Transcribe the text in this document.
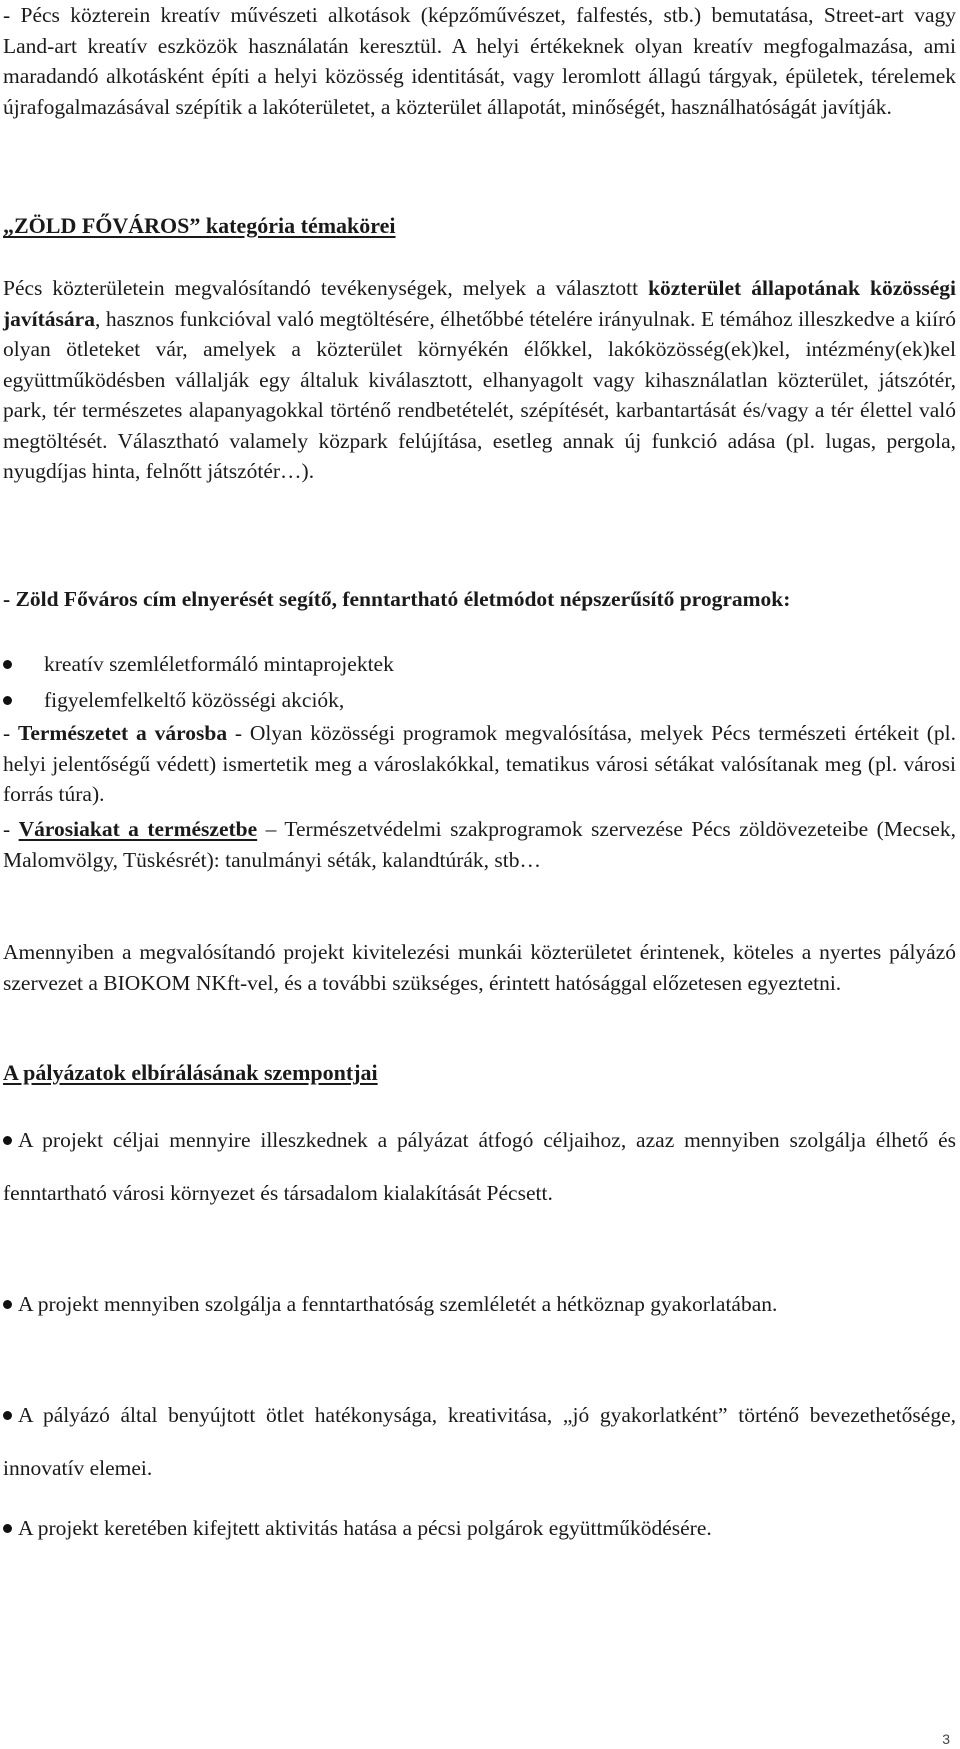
- Pécs közterein kreatív művészeti alkotások (képzőművészet, falfestés, stb.) bemutatása, Street-art vagy Land-art kreatív eszközök használatán keresztül. A helyi értékeknek olyan kreatív megfogalmazása, ami maradandó alkotásként építi a helyi közösség identitását, vagy leromlott állagú tárgyak, épületek, térelemek újrafogalmazásával szépítik a lakóterületet, a közterület állapotát, minőségét, használhatóságát javítják.

„ZÖLD FŐVÁROS” kategória témakörei

Pécs közterületein megvalósítandó tevékenységek, melyek a választott közterület állapotának közösségi javítására, hasznos funkcióval való megtöltésére, élhetőbbé tételére irányulnak. E témához illeszkedve a kiíró olyan ötleteket vár, amelyek a közterület környékén élőkkel, lakóközösség(ek)kel, intézmény(ek)kel együttműködésben vállalják egy általuk kiválasztott, elhanyagolt vagy kihasználatlan közterület, játszótér, park, tér természetes alapanyagokkal történő rendbetételét, szépítését, karbantartását és/vagy a tér élettel való megtöltését. Választható valamely közpark felújítása, esetleg annak új funkció adása (pl. lugas, pergola, nyugdíjas hinta, felnőtt játszótér…).

- Zöld Főváros cím elnyerését segítő, fenntartható életmódot népszerűsítő programok:

kreatív szemléletformáló mintaprojektek

figyelemfelkeltő közösségi akciók,

- Természetet a városba - Olyan közösségi programok megvalósítása, melyek Pécs természeti értékeit (pl. helyi jelentőségű védett) ismertetik meg a városlakókkal, tematikus városi sétákat valósítanak meg (pl. városi forrás túra).

- Városiakat a természetbe – Természetvédelmi szakprogramok szervezése Pécs zöldövezeteibe (Mecsek, Malomvölgy, Tüskésrét): tanulmányi séták, kalandtúrák, stb…

Amennyiben a megvalósítandó projekt kivitelezési munkái közterületet érintenek, köteles a nyertes pályázó szervezet a BIOKOM NKft-vel, és a további szükséges, érintett hatósággal előzetesen egyeztetni.

A pályázatok elbírálásának szempontjai

A projekt céljai mennyire illeszkednek a pályázat átfogó céljaihoz, azaz mennyiben szolgálja élhető és fenntartható városi környezet és társadalom kialakítását Pécsett.

A projekt mennyiben szolgálja a fenntarthatóság szemléletét a hétköznap gyakorlatában.

A pályázó által benyújtott ötlet hatékonysága, kreativitása, „jó gyakorlatként” történő bevezethetősége, innovatív elemei.

A projekt keretében kifejtett aktivitás hatása a pécsi polgárok együttműködésére.

3
